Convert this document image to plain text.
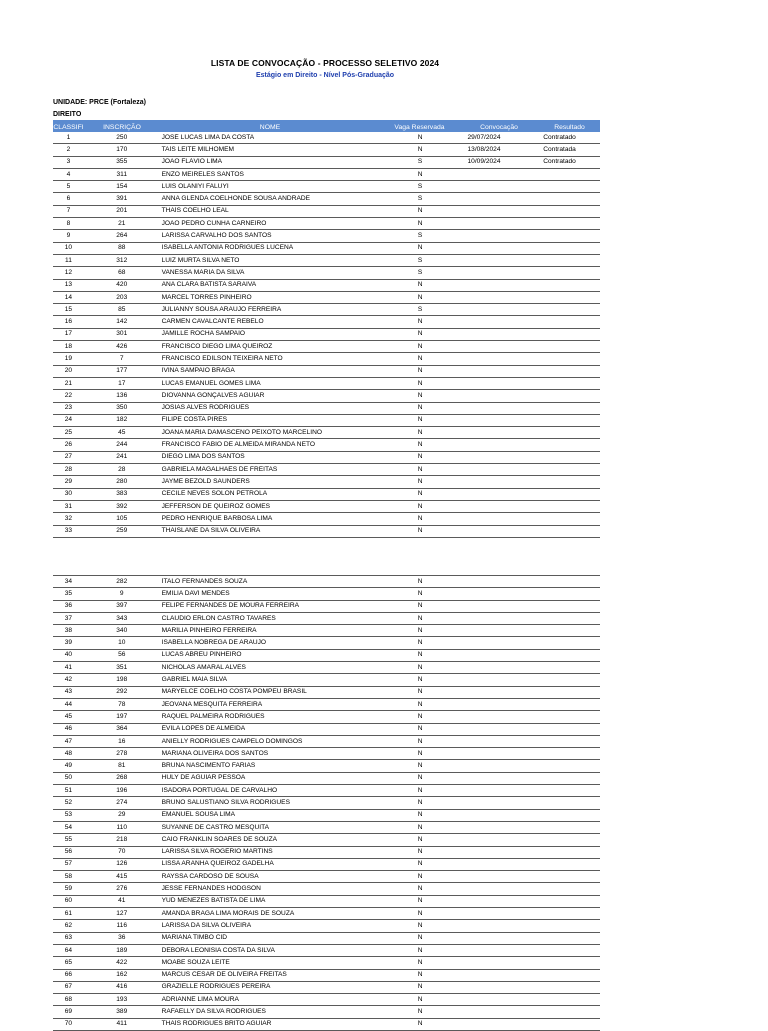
LISTA DE CONVOCAÇÃO - PROCESSO SELETIVO 2024
Estágio em Direito - Nível Pós-Graduação
UNIDADE: PRCE (Fortaleza)
DIREITO
CLASSIFI	INSCRIÇÃO	NOME	Vaga Reservada	Convocação	Resultado
1	250	JOSÉ LUCAS LIMA DA COSTA	N	29/07/2024	Contratado
2	170	TAÍS LEITE MILHOMEM	N	13/08/2024	Contratada
3	355	JOÃO FLÁVIO LIMA	S	10/09/2024	Contratado
4	311	ENZO MEIRELES SANTOS	N
5	154	LUIS OLANIYI FALUYI	S
6	391	ANNA GLENDA COELHONDE SOUSA ANDRADE	S
7	201	THAÍS COELHO LEAL	N
8	21	JOÃO PEDRO CUNHA CARNEIRO	N
9	264	LARISSA CARVALHO DOS SANTOS	S
10	88	ISABELLA ANTÔNIA RODRIGUES LUCENA	N
11	312	LUIZ MURTA SILVA NETO	S
12	68	VANESSA MARIA DA SILVA	S
13	420	ANA CLARA BATISTA SARAIVA	N
14	203	MARCEL TORRES PINHEIRO	N
15	85	JULIANNY SOUSA ARAÚJO FERREIRA	S
16	142	CARMEN CAVALCANTE REBELO	N
17	301	JAMILLE ROCHA SAMPAIO	N
18	426	FRANCISCO DIEGO LIMA QUEIROZ	N
19	7	FRANCISCO EDILSON TEIXEIRA NETO	N
20	177	IVINA SAMPAIO BRAGA	N
21	17	LUCAS EMANUEL GOMES LIMA	N
22	136	DIOVANNA GONÇALVES AGUIAR	N
23	350	JOSIAS ALVES RODRIGUES	N
24	182	FILIPE COSTA PIRES	N
25	45	JOANA MARIA DAMASCENO PEIXOTO MARCELINO	N
26	244	FRANCISCO FÁBIO DE ALMEIDA MIRANDA NETO	N
27	241	DIEGO LIMA DOS SANTOS	N
28	28	GABRIELA MAGALHÃES DE FREITAS	N
29	280	JAYME BEZOLD SAUNDERS	N
30	383	CECILE NEVES SOLON PETROLA	N
31	392	JEFFERSON DE QUEIROZ GOMES	N
32	105	PEDRO HENRIQUE BARBOSA LIMA	N
33	259	THAISLANE DA SILVA OLIVEIRA	N
34	282	ÍTALO FERNANDES SOUZA	N
35	9	EMILIA DAVI MENDES	N
36	397	FELIPE FERNANDES DE MOURA FERREIRA	N
37	343	CLAUDIO ERLON CASTRO TAVARES	N
38	340	MARÍLIA PINHEIRO FERREIRA	N
39	10	ISABELLA NÓBREGA DE ARAÚJO	N
40	56	LUCAS ABREU PINHEIRO	N
41	351	NICHOLAS AMARAL ALVES	N
42	198	GABRIEL MAIA SILVA	N
43	292	MARYELCE COELHO COSTA POMPEU BRASIL	N
44	78	JEOVANA MESQUITA FERREIRA	N
45	197	RAQUEL PALMEIRA RODRIGUES	N
46	364	ÉVILA LOPES DE ALMEIDA	N
47	16	ANIELLY RODRIGUES CAMPELO DOMINGOS	N
48	278	MARIANA OLIVEIRA DOS SANTOS	N
49	81	BRUNA NASCIMENTO FARIAS	N
50	268	HULY DE AGUIAR PESSOA	N
51	196	ISADORA PORTUGAL DE CARVALHO	N
52	274	BRUNO SALUSTIANO SILVA RODRIGUES	N
53	29	EMANUEL SOUSA LIMA	N
54	110	SUYANNE DE CASTRO MESQUITA	N
55	218	CAIO FRANKLIN SOARES DE SOUZA	N
56	70	LARISSA SILVA ROGÉRIO MARTINS	N
57	126	LISSA ARANHA QUEIROZ GADELHA	N
58	415	RAYSSA CARDOSO DE SOUSA	N
59	276	JESSE FERNANDES HODGSON	N
60	41	YUD MENEZES BATISTA DE LIMA	N
61	127	AMANDA BRAGA LIMA MORAIS DE SOUZA	N
62	116	LARISSA DA SILVA OLIVEIRA	N
63	36	MARIANA TIMBÓ CID	N
64	189	DEBORA LEONISIA COSTA DA SILVA	N
65	422	MOABE SOUZA LEITE	N
66	162	MARCUS CÉSAR DE OLIVEIRA FREITAS	N
67	416	GRAZIELLE RODRIGUES PEREIRA	N
68	193	ADRIANNE LIMA MOURA	N
69	389	RAFAELLY DA SILVA RODRIGUES	N
70	411	THAÍS RODRIGUES BRITO AGUIAR	N
